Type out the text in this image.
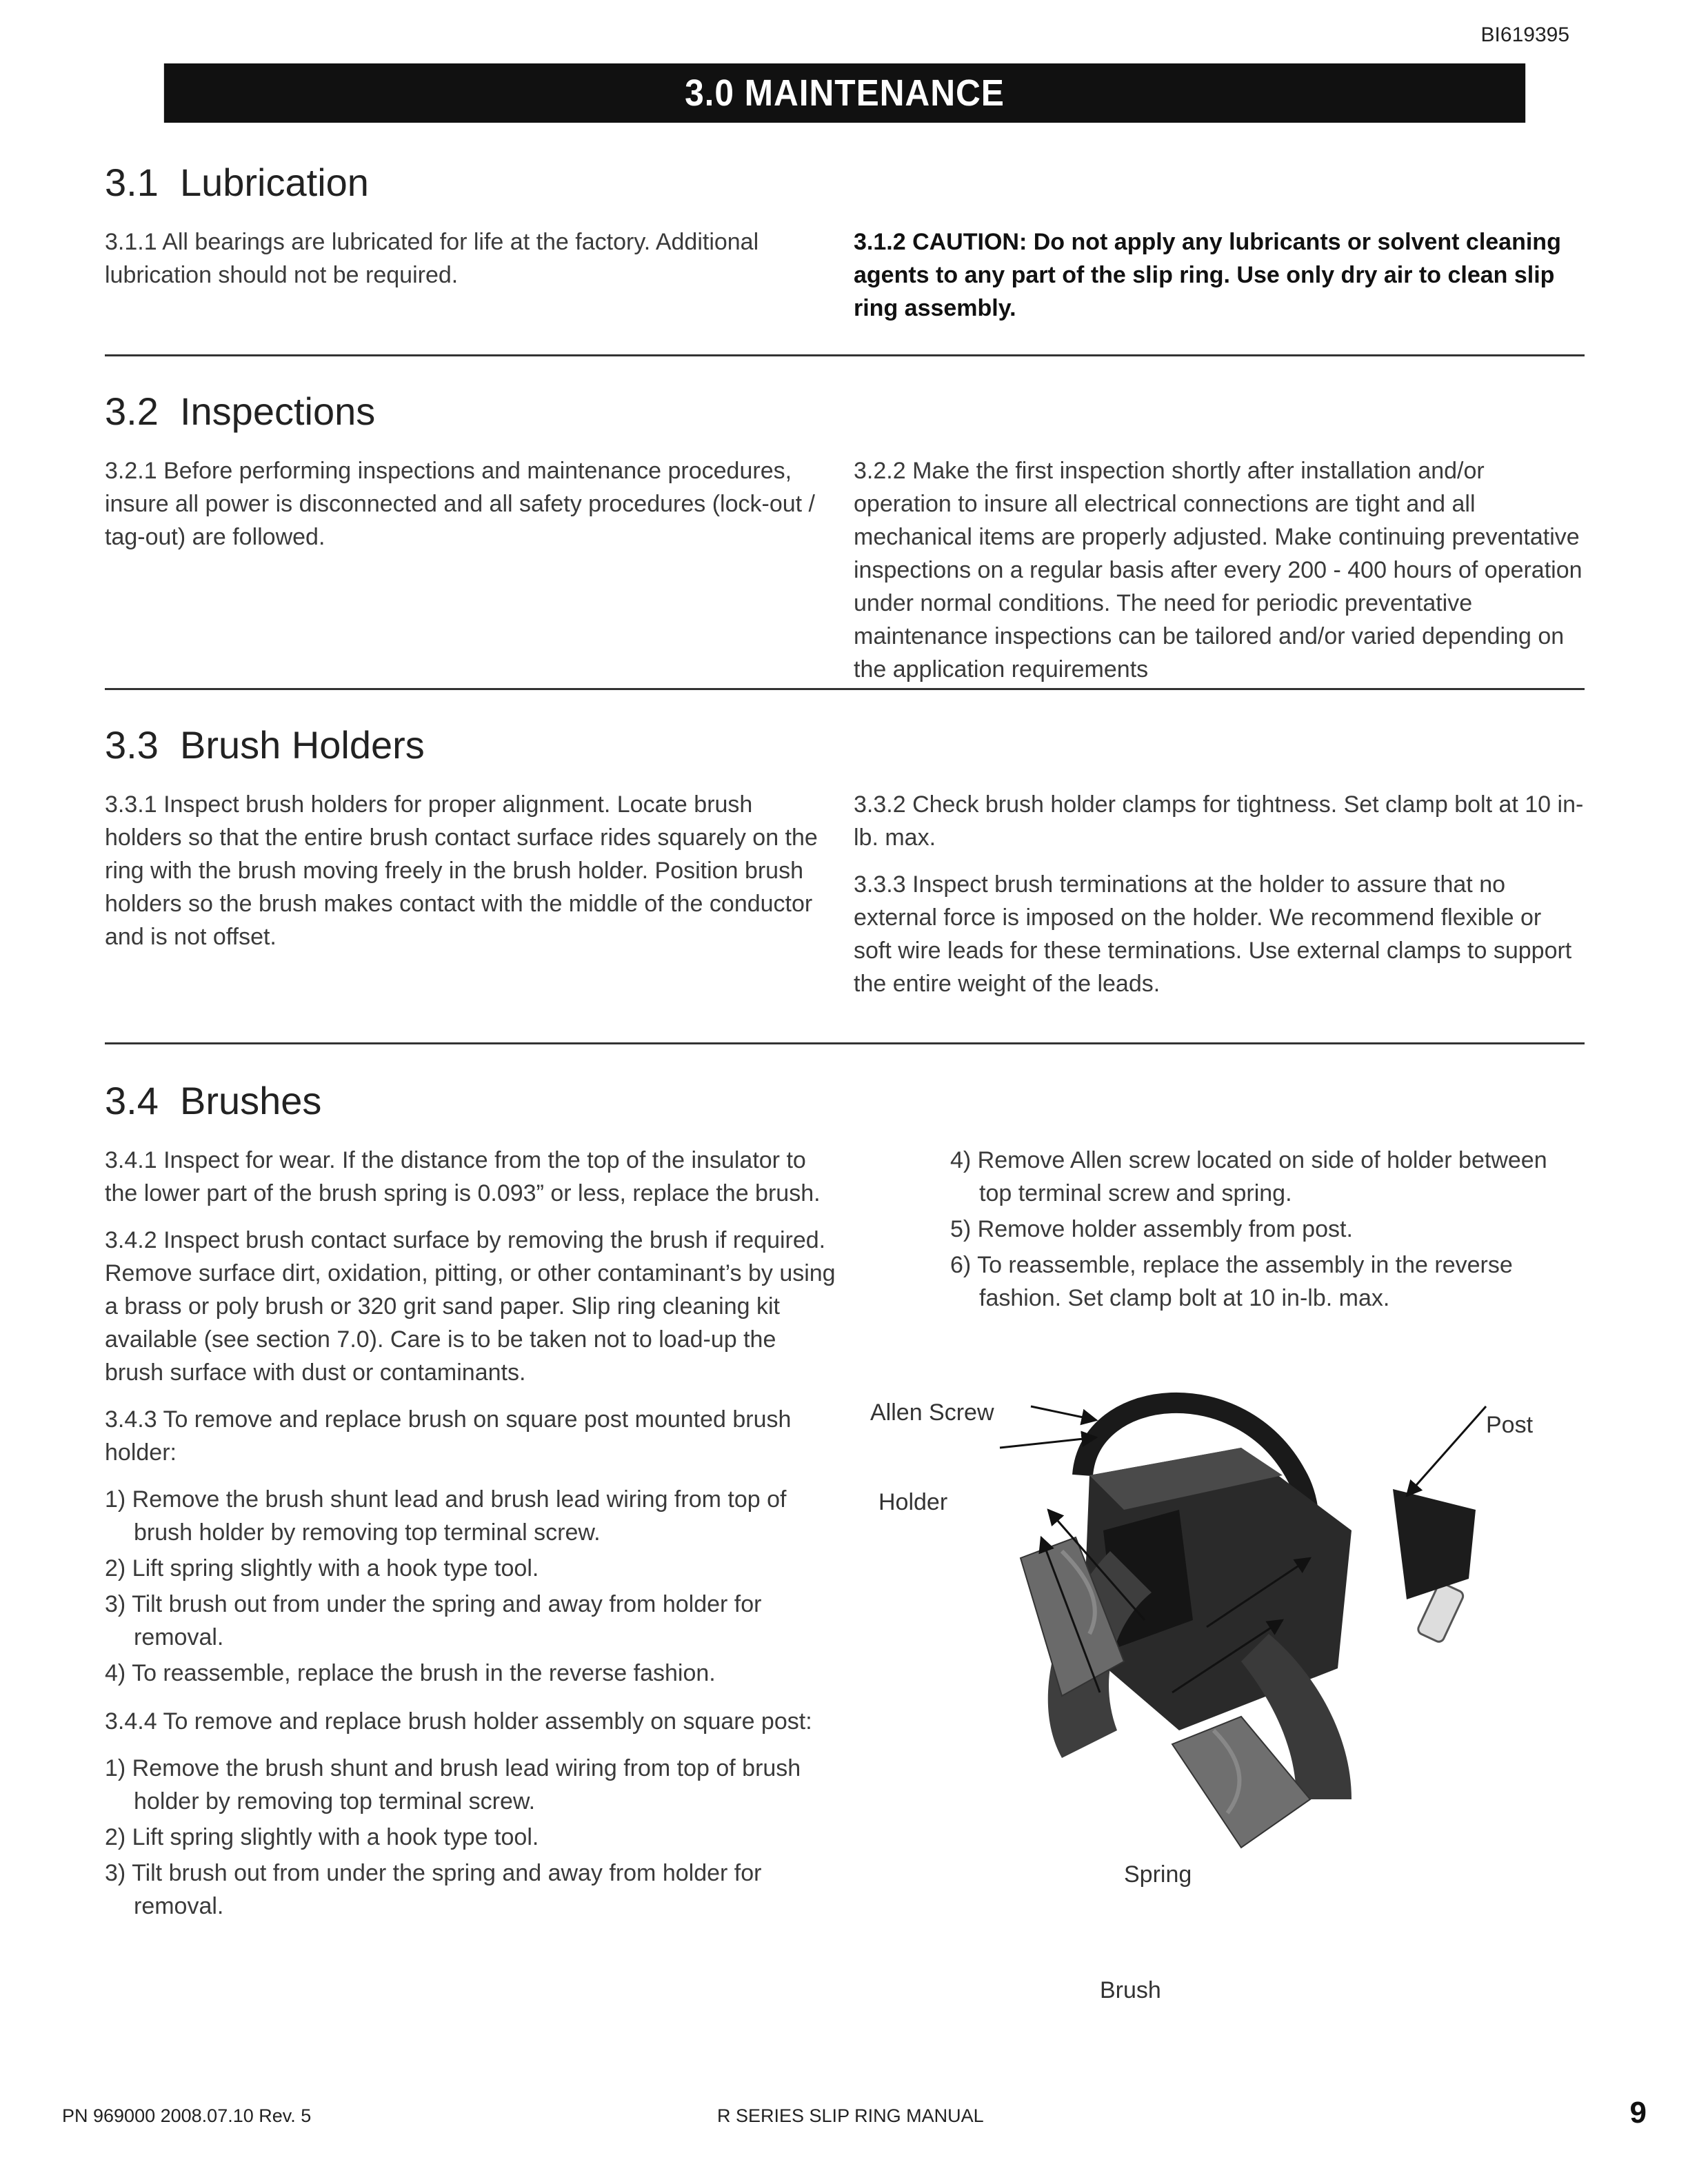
BI619395
3.0 MAINTENANCE
3.1  Lubrication

3.1.1 All bearings are lubricated for life at the factory. Additional lubrication should not be required.

3.1.2 CAUTION: Do not apply any lubricants or solvent cleaning agents to any part of the slip ring. Use only dry air to clean slip ring assembly.

3.2  Inspections

3.2.1 Before performing inspections and maintenance procedures, insure all power is disconnected and all safety procedures (lock-out / tag-out) are followed.

3.2.2 Make the first inspection shortly after installation and/or operation to insure all electrical connections are tight and all mechanical items are properly adjusted. Make continuing preventative inspections on a regular basis after every 200 - 400 hours of operation under normal conditions. The need for periodic preventative maintenance inspections can be tailored and/or varied depending on the application requirements

3.3  Brush Holders

3.3.1 Inspect brush holders for proper alignment. Locate brush holders so that the entire brush contact surface rides squarely on the ring with the brush moving freely in the brush holder. Position brush holders so the brush makes contact with the middle of the conductor and is not offset.

3.3.2 Check brush holder clamps for tightness. Set clamp bolt at 10 in-lb. max.

3.3.3 Inspect brush terminations at the holder to assure that no external force is imposed on the holder. We recommend flexible or soft wire leads for these terminations. Use external clamps to support the entire weight of the leads.

3.4  Brushes

3.4.1 Inspect for wear. If the distance from the top of the insulator to the lower part of the brush spring is 0.093” or less, replace the brush.

3.4.2 Inspect brush contact surface by removing the brush if required. Remove surface dirt, oxidation, pitting, or other contaminant’s by using a brass or poly brush or 320 grit sand paper. Slip ring cleaning kit available (see section 7.0). Care is to be taken not to load-up the brush surface with dust or contaminants.

3.4.3 To remove and replace brush on square post mounted brush holder:

1) Remove the brush shunt lead and brush lead wiring from top of brush holder by removing top terminal screw.
2) Lift spring slightly with a hook type tool.
3) Tilt brush out from under the spring and away from holder for removal.
4) To reassemble, replace the brush in the reverse fashion.

3.4.4 To remove and replace brush holder assembly on square post:

1) Remove the brush shunt and brush lead wiring from top of brush holder by removing top terminal screw.
2) Lift spring slightly with a hook type tool.
3) Tilt brush out from under the spring and away from holder for removal.
4) Remove Allen screw located on side of holder between top terminal screw and spring.
5) Remove holder assembly from post.
6) To reassemble, replace the assembly in the reverse fashion. Set clamp bolt at 10 in-lb. max.
Allen Screw
Holder
Post
Spring
Brush
PN 969000 2008.07.10 Rev. 5	R SERIES SLIP RING MANUAL	9
